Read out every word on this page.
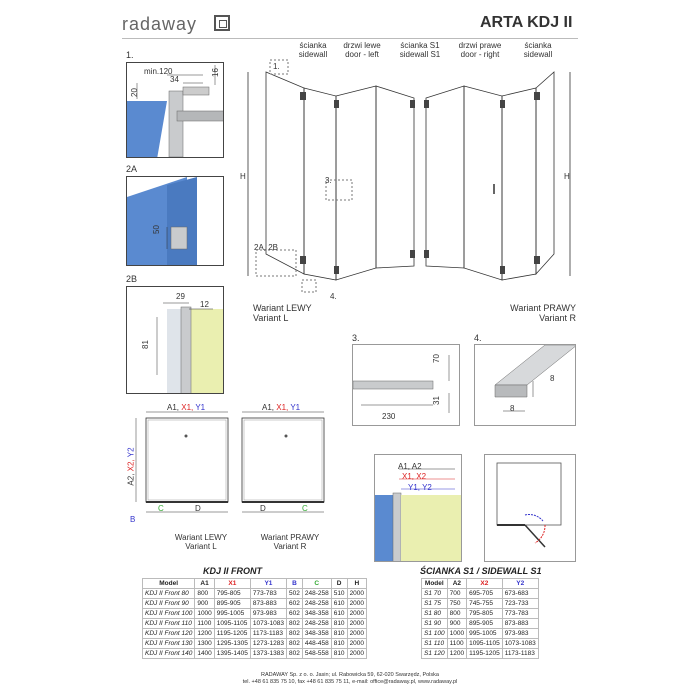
radaway	ARTA KDJ II
1.
min.120
34
16
20
2A
50
2B
29
12
81
ścianka
sidewall
drzwi lewe
door - left
ścianka S1
sidewall S1
drzwi prawe
door - right
ścianka
sidewall
1.
3.
2A, 2B
4.
H	H
Wariant LEWY
Variant L
Wariant PRAWY
Variant R
3.
70
31
230
4.
8
8
A1, X1, Y1	A1, X1, Y1
A2, X2, Y2
B
C	D	D	C
Wariant LEWY
Variant L
Wariant PRAWY
Variant R
A1, A2
X1, X2
Y1, Y2
KDJ II FRONT
Model	A1	X1	Y1	B	C	D	H
KDJ II Front 80	800	795-805	773-783	502	248-258	510	2000
KDJ II Front 90	900	895-905	873-883	602	248-258	610	2000
KDJ II Front 100	1000	995-1005	973-983	602	348-358	610	2000
KDJ II Front 110	1100	1095-1105	1073-1083	802	248-258	810	2000
KDJ II Front 120	1200	1195-1205	1173-1183	802	348-358	810	2000
KDJ II Front 130	1300	1295-1305	1273-1283	802	448-458	810	2000
KDJ II Front 140	1400	1395-1405	1373-1383	802	548-558	810	2000
ŚCIANKA S1 / SIDEWALL S1
Model	A2	X2	Y2
S1 70	700	695-705	673-683
S1 75	750	745-755	723-733
S1 80	800	795-805	773-783
S1 90	900	895-905	873-883
S1 100	1000	995-1005	973-983
S1 110	1100	1095-1105	1073-1083
S1 120	1200	1195-1205	1173-1183
RADAWAY Sp. z o. o. Jasin; ul. Rabowicka 59, 62-020 Swarzędz, Polska
tel. +48 61 835 75 10, fax +48 61 835 75 11, e-mail: office@radaway.pl, www.radaway.pl
